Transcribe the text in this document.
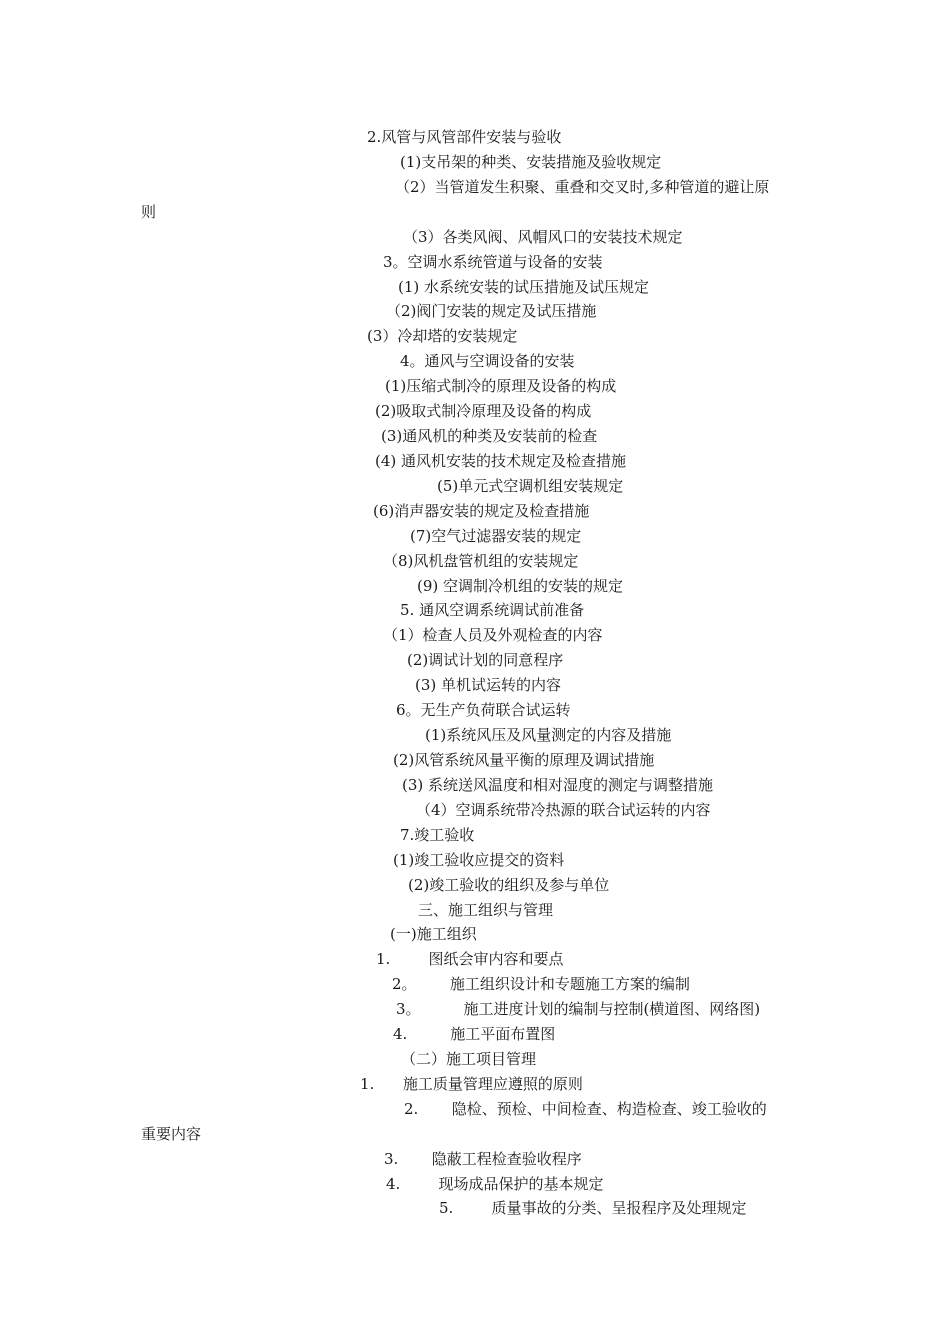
2.风管与风管部件安装与验收
(1)支吊架的种类、安装措施及验收规定
（2）当管道发生积聚、重叠和交叉时,多种管道的避让原
则
（3）各类风阀、风帽风口的安装技术规定
3。空调水系统管道与设备的安装
(1) 水系统安装的试压措施及试压规定
（2)阀门安装的规定及试压措施
(3）冷却塔的安装规定
4。通风与空调设备的安装
(1)压缩式制冷的原理及设备的构成
(2)吸取式制冷原理及设备的构成
(3)通风机的种类及安装前的检查
(4) 通风机安装的技术规定及检查措施
(5)单元式空调机组安装规定
(6)消声器安装的规定及检查措施
(7)空气过滤器安装的规定
（8)风机盘管机组的安装规定
(9) 空调制冷机组的安装的规定
5. 通风空调系统调试前准备
（1）检查人员及外观检查的内容
(2)调试计划的同意程序
(3) 单机试运转的内容
6。无生产负荷联合试运转
(1)系统风压及风量测定的内容及措施
(2)风管系统风量平衡的原理及调试措施
(3) 系统送风温度和相对湿度的测定与调整措施
（4）空调系统带冷热源的联合试运转的内容
7.竣工验收
(1)竣工验收应提交的资料
(2)竣工验收的组织及参与单位
三、施工组织与管理
(一)施工组织
1.        图纸会审内容和要点
2。       施工组织设计和专题施工方案的编制
3。         施工进度计划的编制与控制(横道图、网络图)
4.         施工平面布置图
（二）施工项目管理
1.      施工质量管理应遵照的原则
2.       隐检、预检、中间检查、构造检查、竣工验收的
重要内容
3.       隐蔽工程检查验收程序
4.        现场成品保护的基本规定
5.        质量事故的分类、呈报程序及处理规定
